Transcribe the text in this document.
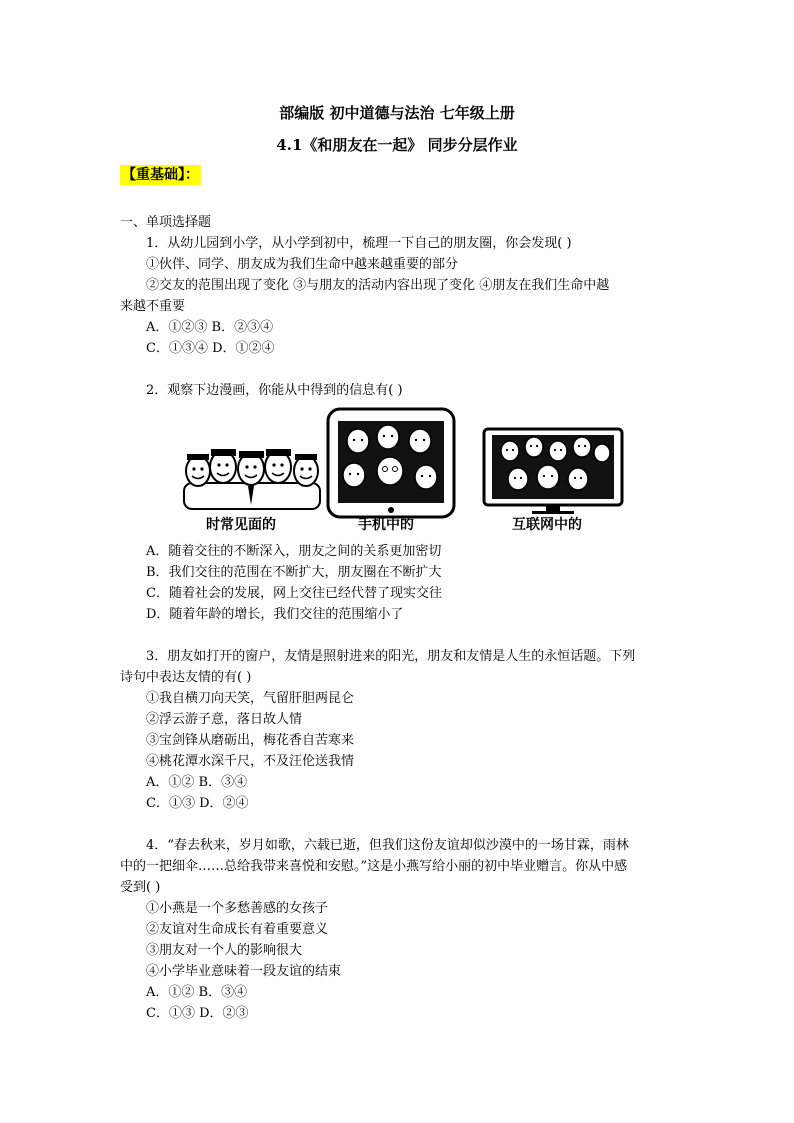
部编版 初中道德与法治 七年级上册
4.1《和朋友在一起》 同步分层作业
【重基础】：
一、单项选择题
1．从幼儿园到小学，从小学到初中，梳理一下自己的朋友圈，你会发现( )
①伙伴、同学、朋友成为我们生命中越来越重要的部分
②交友的范围出现了变化 ③与朋友的活动内容出现了变化 ④朋友在我们生命中越
来越不重要
A．①②③ B．②③④
C．①③④ D．①②④
2．观察下边漫画，你能从中得到的信息有( )
时常见面的	手机中的	互联网中的
A．随着交往的不断深入，朋友之间的关系更加密切
B．我们交往的范围在不断扩大，朋友圈在不断扩大
C．随着社会的发展，网上交往已经代替了现实交往
D．随着年龄的增长，我们交往的范围缩小了
3．朋友如打开的窗户，友情是照射进来的阳光，朋友和友情是人生的永恒话题。下列
诗句中表达友情的有( )
①我自横刀向天笑，气留肝胆两昆仑
②浮云游子意，落日故人情
③宝剑锋从磨砺出，梅花香自苦寒来
④桃花潭水深千尺，不及汪伦送我情
A．①② B．③④
C．①③ D．②④
4．“春去秋来，岁月如歌，六载已逝，但我们这份友谊却似沙漠中的一场甘霖，雨林
中的一把细伞……总给我带来喜悦和安慰。”这是小燕写给小丽的初中毕业赠言。你从中感
受到( )
①小燕是一个多愁善感的女孩子
②友谊对生命成长有着重要意义
③朋友对一个人的影响很大
④小学毕业意味着一段友谊的结束
A．①② B．③④
C．①③ D．②③
